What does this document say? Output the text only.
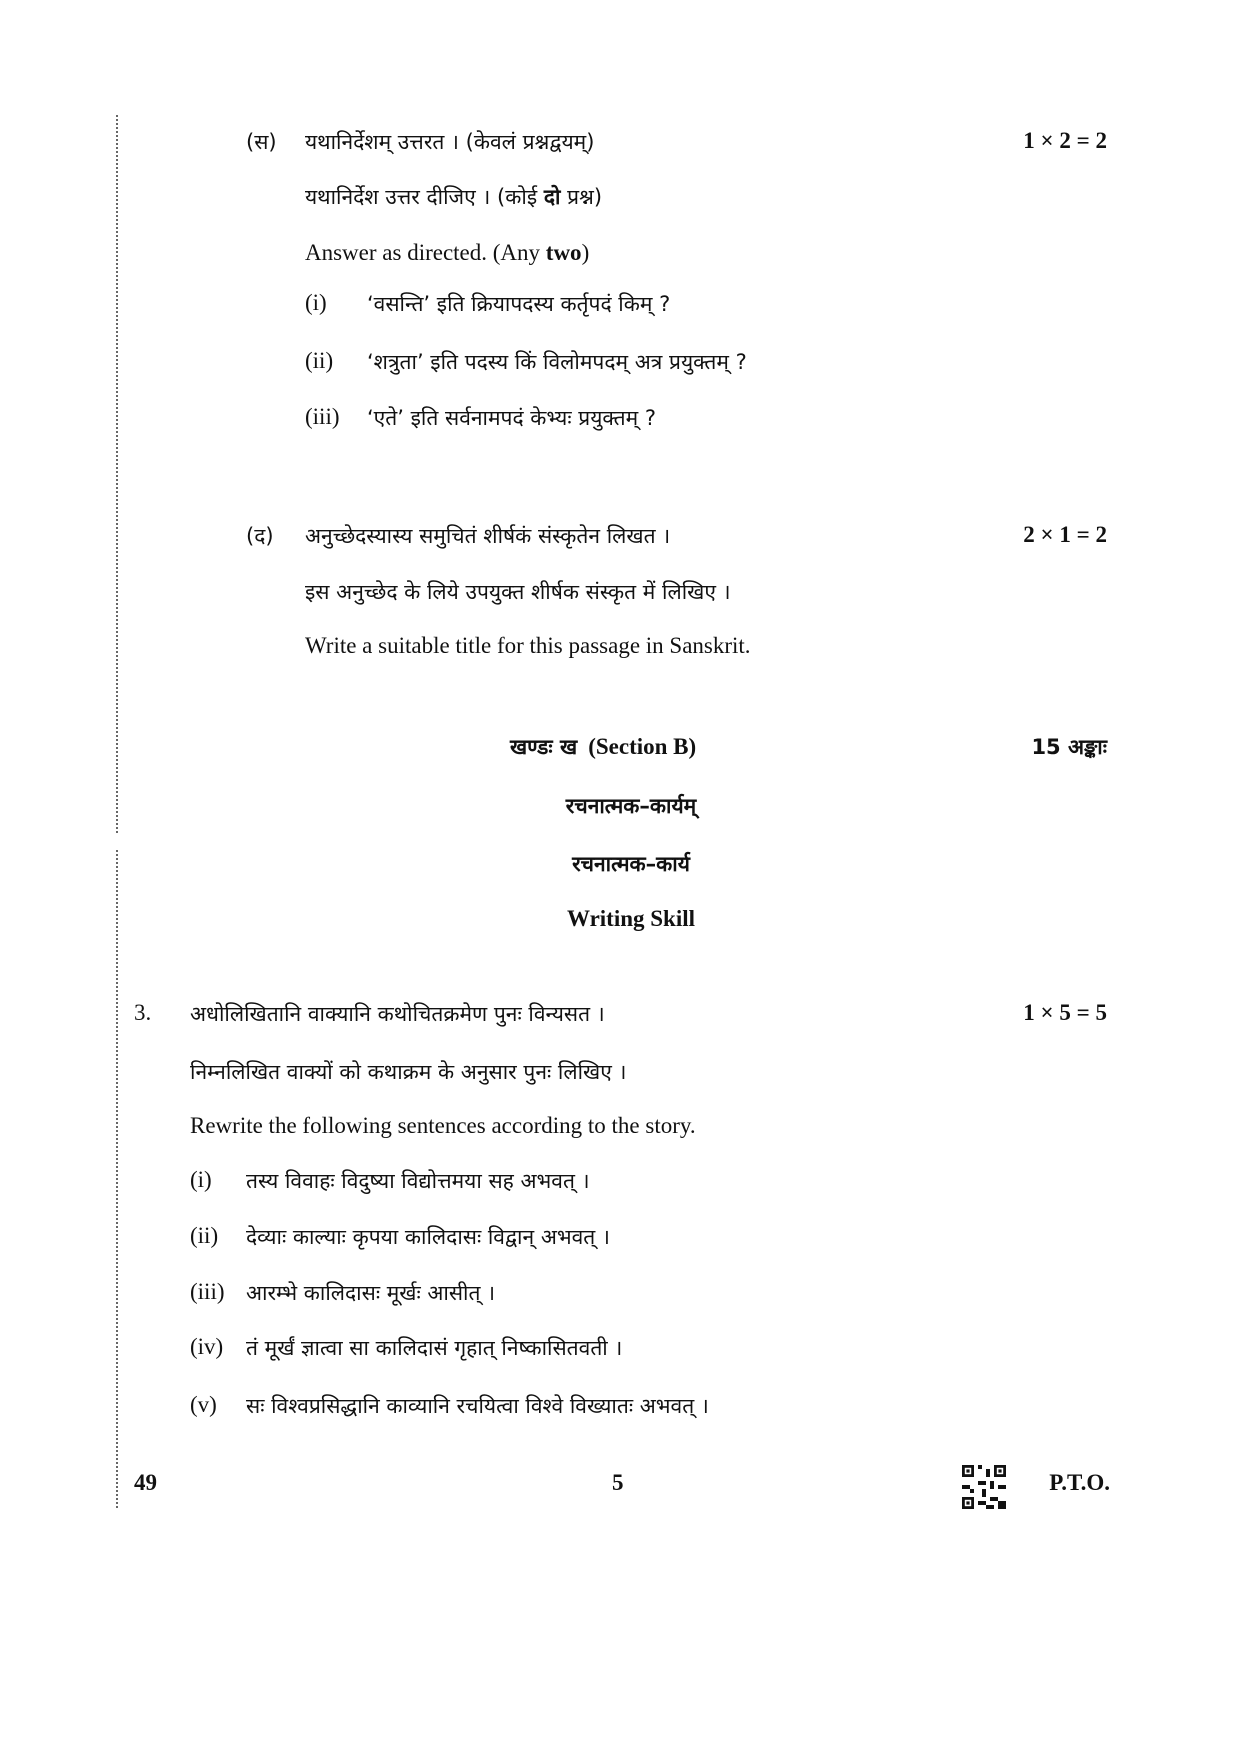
(स) यथानिर्देशम् उत्तरत । (केवलं प्रश्नद्वयम्)	1 × 2 = 2
यथानिर्देश उत्तर दीजिए । (कोई दो प्रश्न)
Answer as directed. (Any two)
(i) ‘वसन्ति’ इति क्रियापदस्य कर्तृपदं किम् ?
(ii) ‘शत्रुता’ इति पदस्य किं विलोमपदम् अत्र प्रयुक्तम् ?
(iii) ‘एते’ इति सर्वनामपदं केभ्यः प्रयुक्तम् ?
(द) अनुच्छेदस्यास्य समुचितं शीर्षकं संस्कृतेन लिखत ।	2 × 1 = 2
इस अनुच्छेद के लिये उपयुक्त शीर्षक संस्कृत में लिखिए ।
Write a suitable title for this passage in Sanskrit.
खण्डः ख (Section B)	15 अङ्काः
रचनात्मक–कार्यम्
रचनात्मक–कार्य
Writing Skill
3. अधोलिखितानि वाक्यानि कथोचितक्रमेण पुनः विन्यसत ।	1 × 5 = 5
निम्नलिखित वाक्यों को कथाक्रम के अनुसार पुनः लिखिए ।
Rewrite the following sentences according to the story.
(i) तस्य विवाहः विदुष्या विद्योत्तमया सह अभवत् ।
(ii) देव्याः काल्याः कृपया कालिदासः विद्वान् अभवत् ।
(iii) आरम्भे कालिदासः मूर्खः आसीत् ।
(iv) तं मूर्खं ज्ञात्वा सा कालिदासं गृहात् निष्कासितवती ।
(v) सः विश्वप्रसिद्धानि काव्यानि रचयित्वा विश्वे विख्यातः अभवत् ।
49	5	P.T.O.
